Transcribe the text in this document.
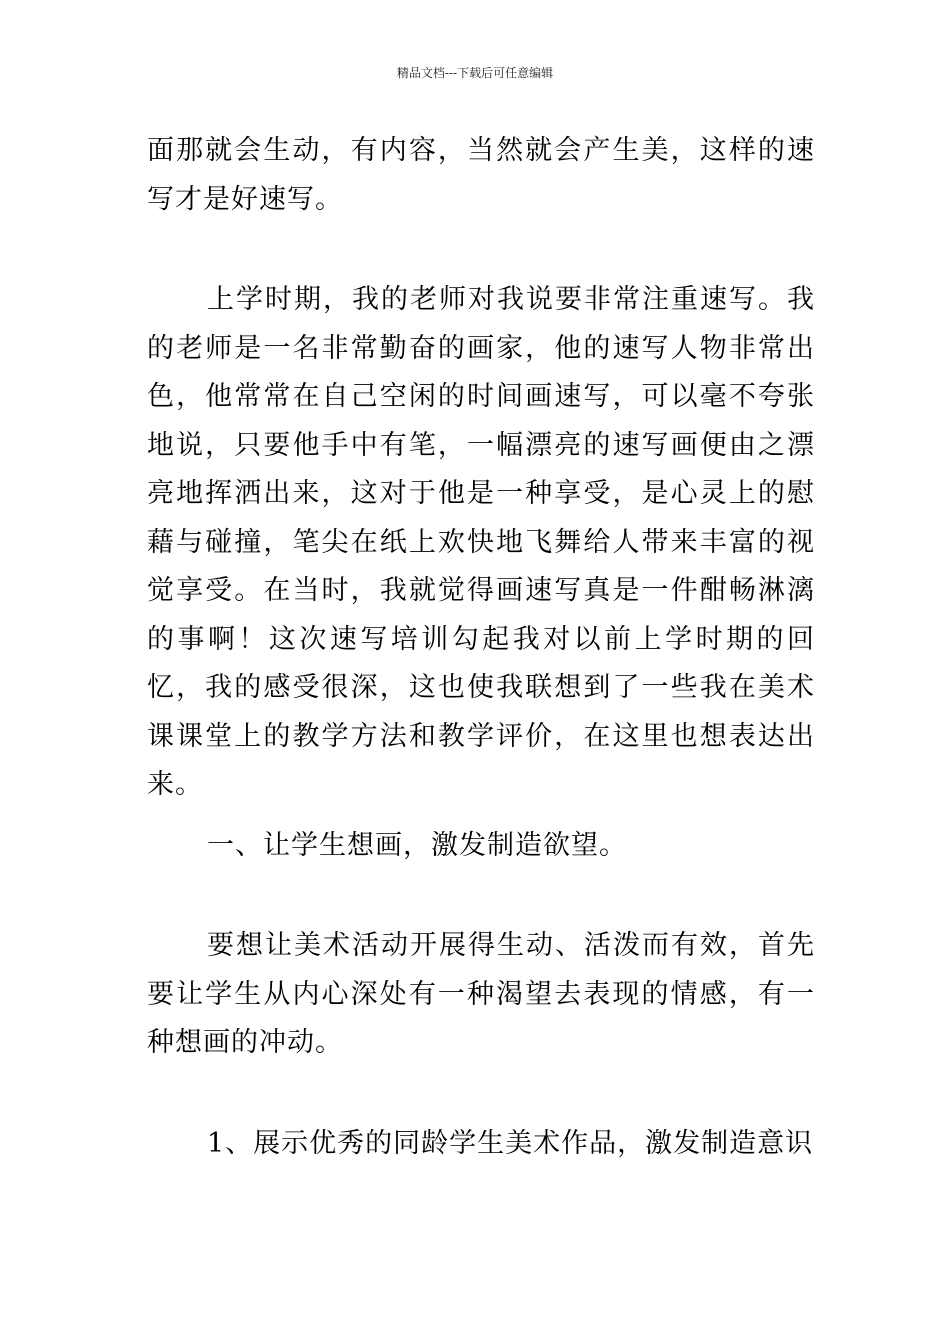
精品文档---下载后可任意编辑

面那就会生动，有内容，当然就会产生美，这样的速写才是好速写。

上学时期，我的老师对我说要非常注重速写。我的老师是一名非常勤奋的画家，他的速写人物非常出色，他常常在自己空闲的时间画速写，可以毫不夸张地说，只要他手中有笔，一幅漂亮的速写画便由之漂亮地挥洒出来，这对于他是一种享受，是心灵上的慰藉与碰撞，笔尖在纸上欢快地飞舞给人带来丰富的视觉享受。在当时，我就觉得画速写真是一件酣畅淋漓的事啊！这次速写培训勾起我对以前上学时期的回忆，我的感受很深，这也使我联想到了一些我在美术课课堂上的教学方法和教学评价，在这里也想表达出来。

一、让学生想画，激发制造欲望。

要想让美术活动开展得生动、活泼而有效，首先要让学生从内心深处有一种渴望去表现的情感，有一种想画的冲动。

1、展示优秀的同龄学生美术作品，激发制造意识
